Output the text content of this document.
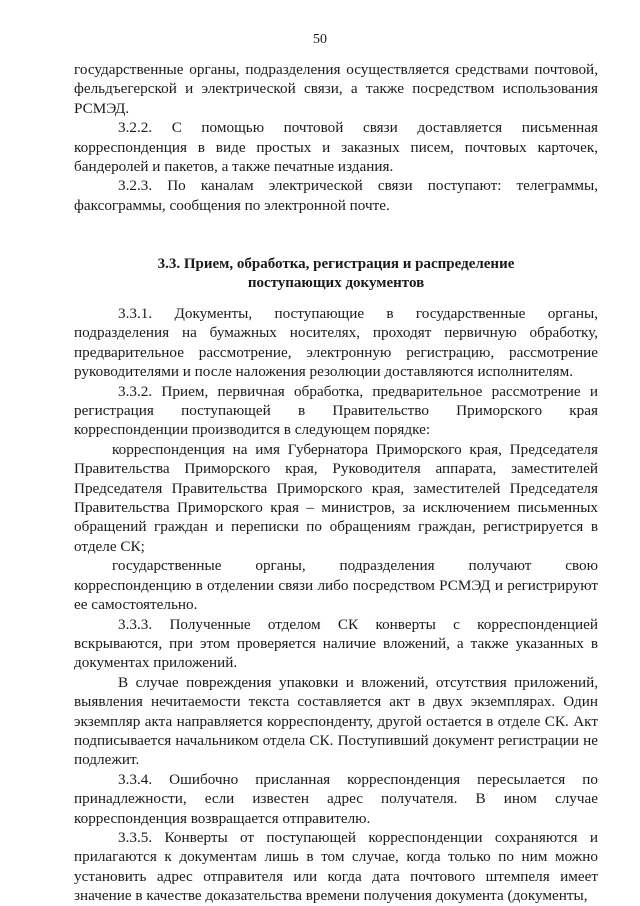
50

государственные органы, подразделения осуществляется средствами почтовой, фельдъегерской и электрической связи, а также посредством использования РСМЭД.

3.2.2. С помощью почтовой связи доставляется письменная корреспонденция в виде простых и заказных писем, почтовых карточек, бандеролей и пакетов, а также печатные издания.

3.2.3. По каналам электрической связи поступают: телеграммы, факсограммы, сообщения по электронной почте.

3.3. Прием, обработка, регистрация и распределение
поступающих документов

3.3.1. Документы, поступающие в государственные органы, подразделения на бумажных носителях, проходят первичную обработку, предварительное рассмотрение, электронную регистрацию, рассмотрение руководителями и после наложения резолюции доставляются исполнителям.

3.3.2. Прием, первичная обработка, предварительное рассмотрение и регистрация поступающей в Правительство Приморского края корреспонденции производится в следующем порядке:

корреспонденция на имя Губернатора Приморского края, Председателя Правительства Приморского края, Руководителя аппарата, заместителей Председателя Правительства Приморского края, заместителей Председателя Правительства Приморского края – министров, за исключением письменных обращений граждан и переписки по обращениям граждан, регистрируется в отделе СК;

государственные органы, подразделения получают свою корреспонденцию в отделении связи либо посредством РСМЭД и регистрируют ее самостоятельно.

3.3.3. Полученные отделом СК конверты с корреспонденцией вскрываются, при этом проверяется наличие вложений, а также указанных в документах приложений.

В случае повреждения упаковки и вложений, отсутствия приложений, выявления нечитаемости текста составляется акт в двух экземплярах. Один экземпляр акта направляется корреспонденту, другой остается в отделе СК. Акт подписывается начальником отдела СК. Поступивший документ регистрации не подлежит.

3.3.4. Ошибочно присланная корреспонденция пересылается по принадлежности, если известен адрес получателя. В ином случае корреспонденция возвращается отправителю.

3.3.5. Конверты от поступающей корреспонденции сохраняются и прилагаются к документам лишь в том случае, когда только по ним можно установить адрес отправителя или когда дата почтового штемпеля имеет значение в качестве доказательства времени получения документа (документы,
